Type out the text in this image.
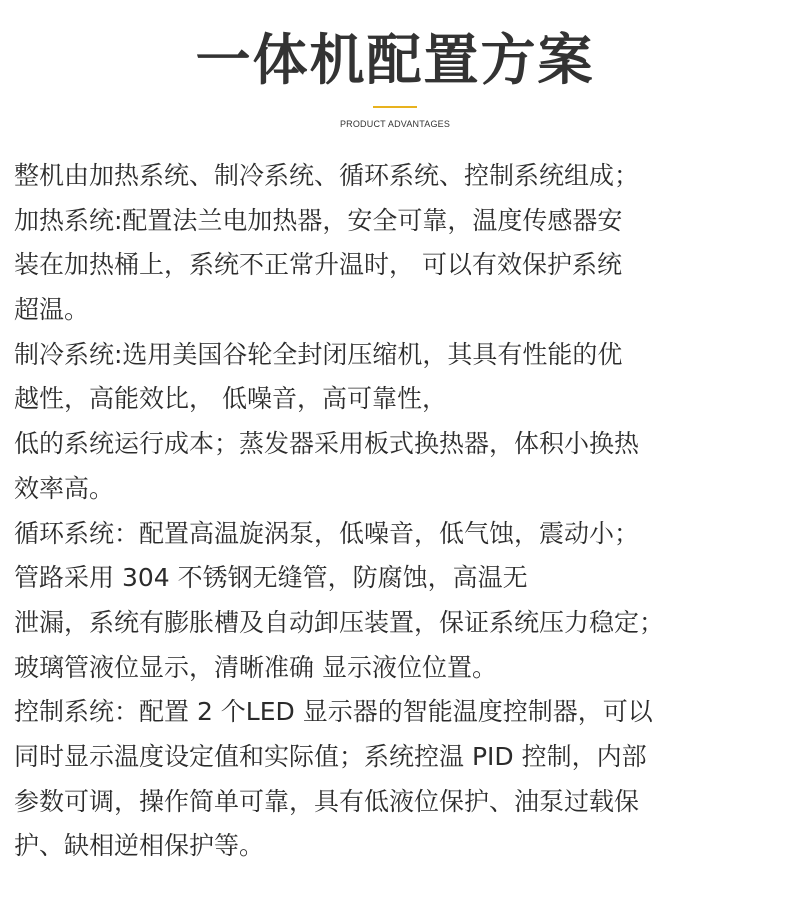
一体机配置方案
PRODUCT ADVANTAGES
整机由加热系统、制冷系统、循环系统、控制系统组成；
加热系统:配置法兰电加热器，安全可靠，温度传感器安
装在加热桶上，系统不正常升温时， 可以有效保护系统
超温。
制冷系统:选用美国谷轮全封闭压缩机，其具有性能的优
越性，高能效比， 低噪音，高可靠性，
低的系统运行成本；蒸发器采用板式换热器，体积小换热
效率高。
循环系统：配置高温旋涡泵，低噪音，低气蚀，震动小；
管路采用 304 不锈钢无缝管，防腐蚀，高温无
泄漏，系统有膨胀槽及自动卸压装置，保证系统压力稳定；
玻璃管液位显示，清晰准确 显示液位位置。
控制系统：配置 2 个LED 显示器的智能温度控制器，可以
同时显示温度设定值和实际值；系统控温 PID 控制，内部
参数可调，操作简单可靠，具有低液位保护、油泵过载保
护、缺相逆相保护等。
